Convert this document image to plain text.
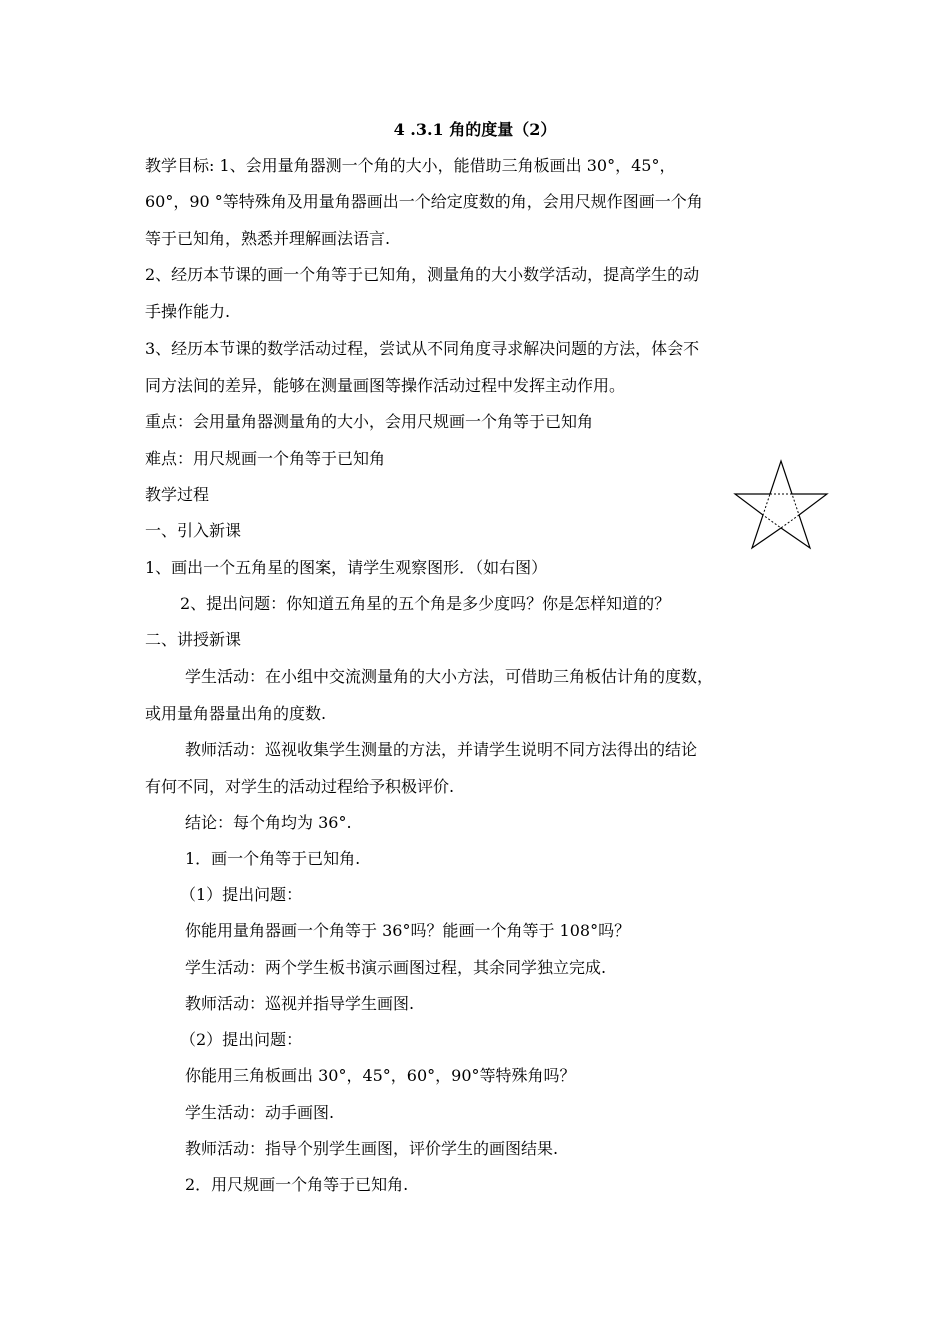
4 .3.1 角的度量（2）
教学目标: 1、会用量角器测一个角的大小，能借助三角板画出 30°，45°，
60°，90 °等特殊角及用量角器画出一个给定度数的角，会用尺规作图画一个角
等于已知角，熟悉并理解画法语言.
2、经历本节课的画一个角等于已知角，测量角的大小数学活动，提高学生的动
手操作能力.
3、经历本节课的数学活动过程，尝试从不同角度寻求解决问题的方法，体会不
同方法间的差异，能够在测量画图等操作活动过程中发挥主动作用。
重点：会用量角器测量角的大小，会用尺规画一个角等于已知角
难点：用尺规画一个角等于已知角
教学过程
一、引入新课
1、画出一个五角星的图案，请学生观察图形．（如右图）
2、提出问题：你知道五角星的五个角是多少度吗？你是怎样知道的？
二、讲授新课
学生活动：在小组中交流测量角的大小方法，可借助三角板估计角的度数，
或用量角器量出角的度数.
教师活动：巡视收集学生测量的方法，并请学生说明不同方法得出的结论
有何不同，对学生的活动过程给予积极评价.
结论：每个角均为 36°.
1．画一个角等于已知角.
（1）提出问题：
你能用量角器画一个角等于 36°吗？能画一个角等于 108°吗？
学生活动：两个学生板书演示画图过程，其余同学独立完成.
教师活动：巡视并指导学生画图.
（2）提出问题：
你能用三角板画出 30°，45°，60°，90°等特殊角吗？
学生活动：动手画图.
教师活动：指导个别学生画图，评价学生的画图结果.
2．用尺规画一个角等于已知角.
